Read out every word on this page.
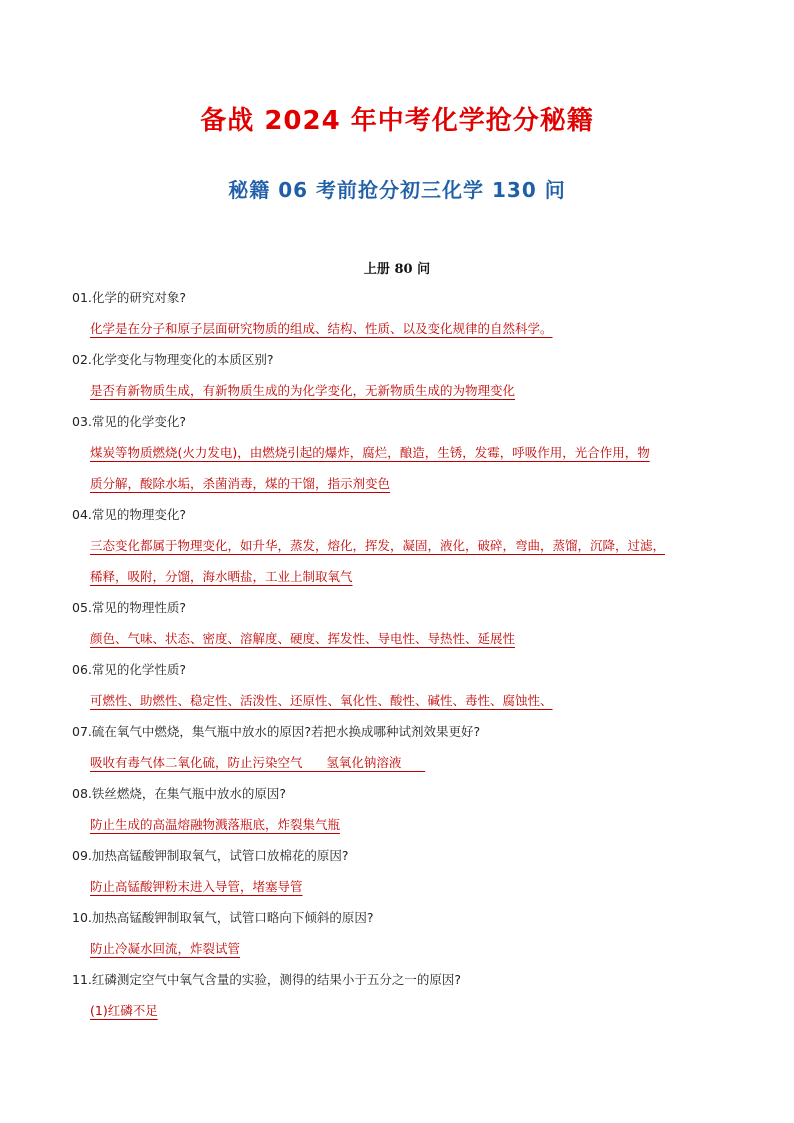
备战 2024 年中考化学抢分秘籍
秘籍 06 考前抢分初三化学 130 问
上册 80 问
01.化学的研究对象?
化学是在分子和原子层面研究物质的组成、结构、性质、以及变化规律的自然科学。
02.化学变化与物理变化的本质区别?
是否有新物质生成，有新物质生成的为化学变化，无新物质生成的为物理变化
03.常见的化学变化?
煤炭等物质燃烧(火力发电)，由燃烧引起的爆炸，腐烂，酿造，生锈，发霉，呼吸作用，光合作用，物
质分解，酸除水垢，杀菌消毒，煤的干馏，指示剂变色
04.常见的物理变化?
三态变化都属于物理变化，如升华，蒸发，熔化，挥发，凝固，液化，破碎，弯曲，蒸馏，沉降，过滤，
稀释，吸附，分馏，海水晒盐，工业上制取氧气
05.常见的物理性质?
颜色、气味、状态、密度、溶解度、硬度、挥发性、导电性、导热性、延展性
06.常见的化学性质?
可燃性、助燃性、稳定性、活泼性、还原性、氧化性、酸性、碱性、毒性、腐蚀性、
07.硫在氧气中燃烧，集气瓶中放水的原因?若把水换成哪种试剂效果更好?
吸收有毒气体二氧化硫，防止污染空气      氢氧化钠溶液
08.铁丝燃烧，在集气瓶中放水的原因?
防止生成的高温熔融物溅落瓶底，炸裂集气瓶
09.加热高锰酸钾制取氧气，试管口放棉花的原因?
防止高锰酸钾粉末进入导管，堵塞导管
10.加热高锰酸钾制取氧气，试管口略向下倾斜的原因?
防止冷凝水回流，炸裂试管
11.红磷测定空气中氧气含量的实验，测得的结果小于五分之一的原因?
(1)红磷不足
